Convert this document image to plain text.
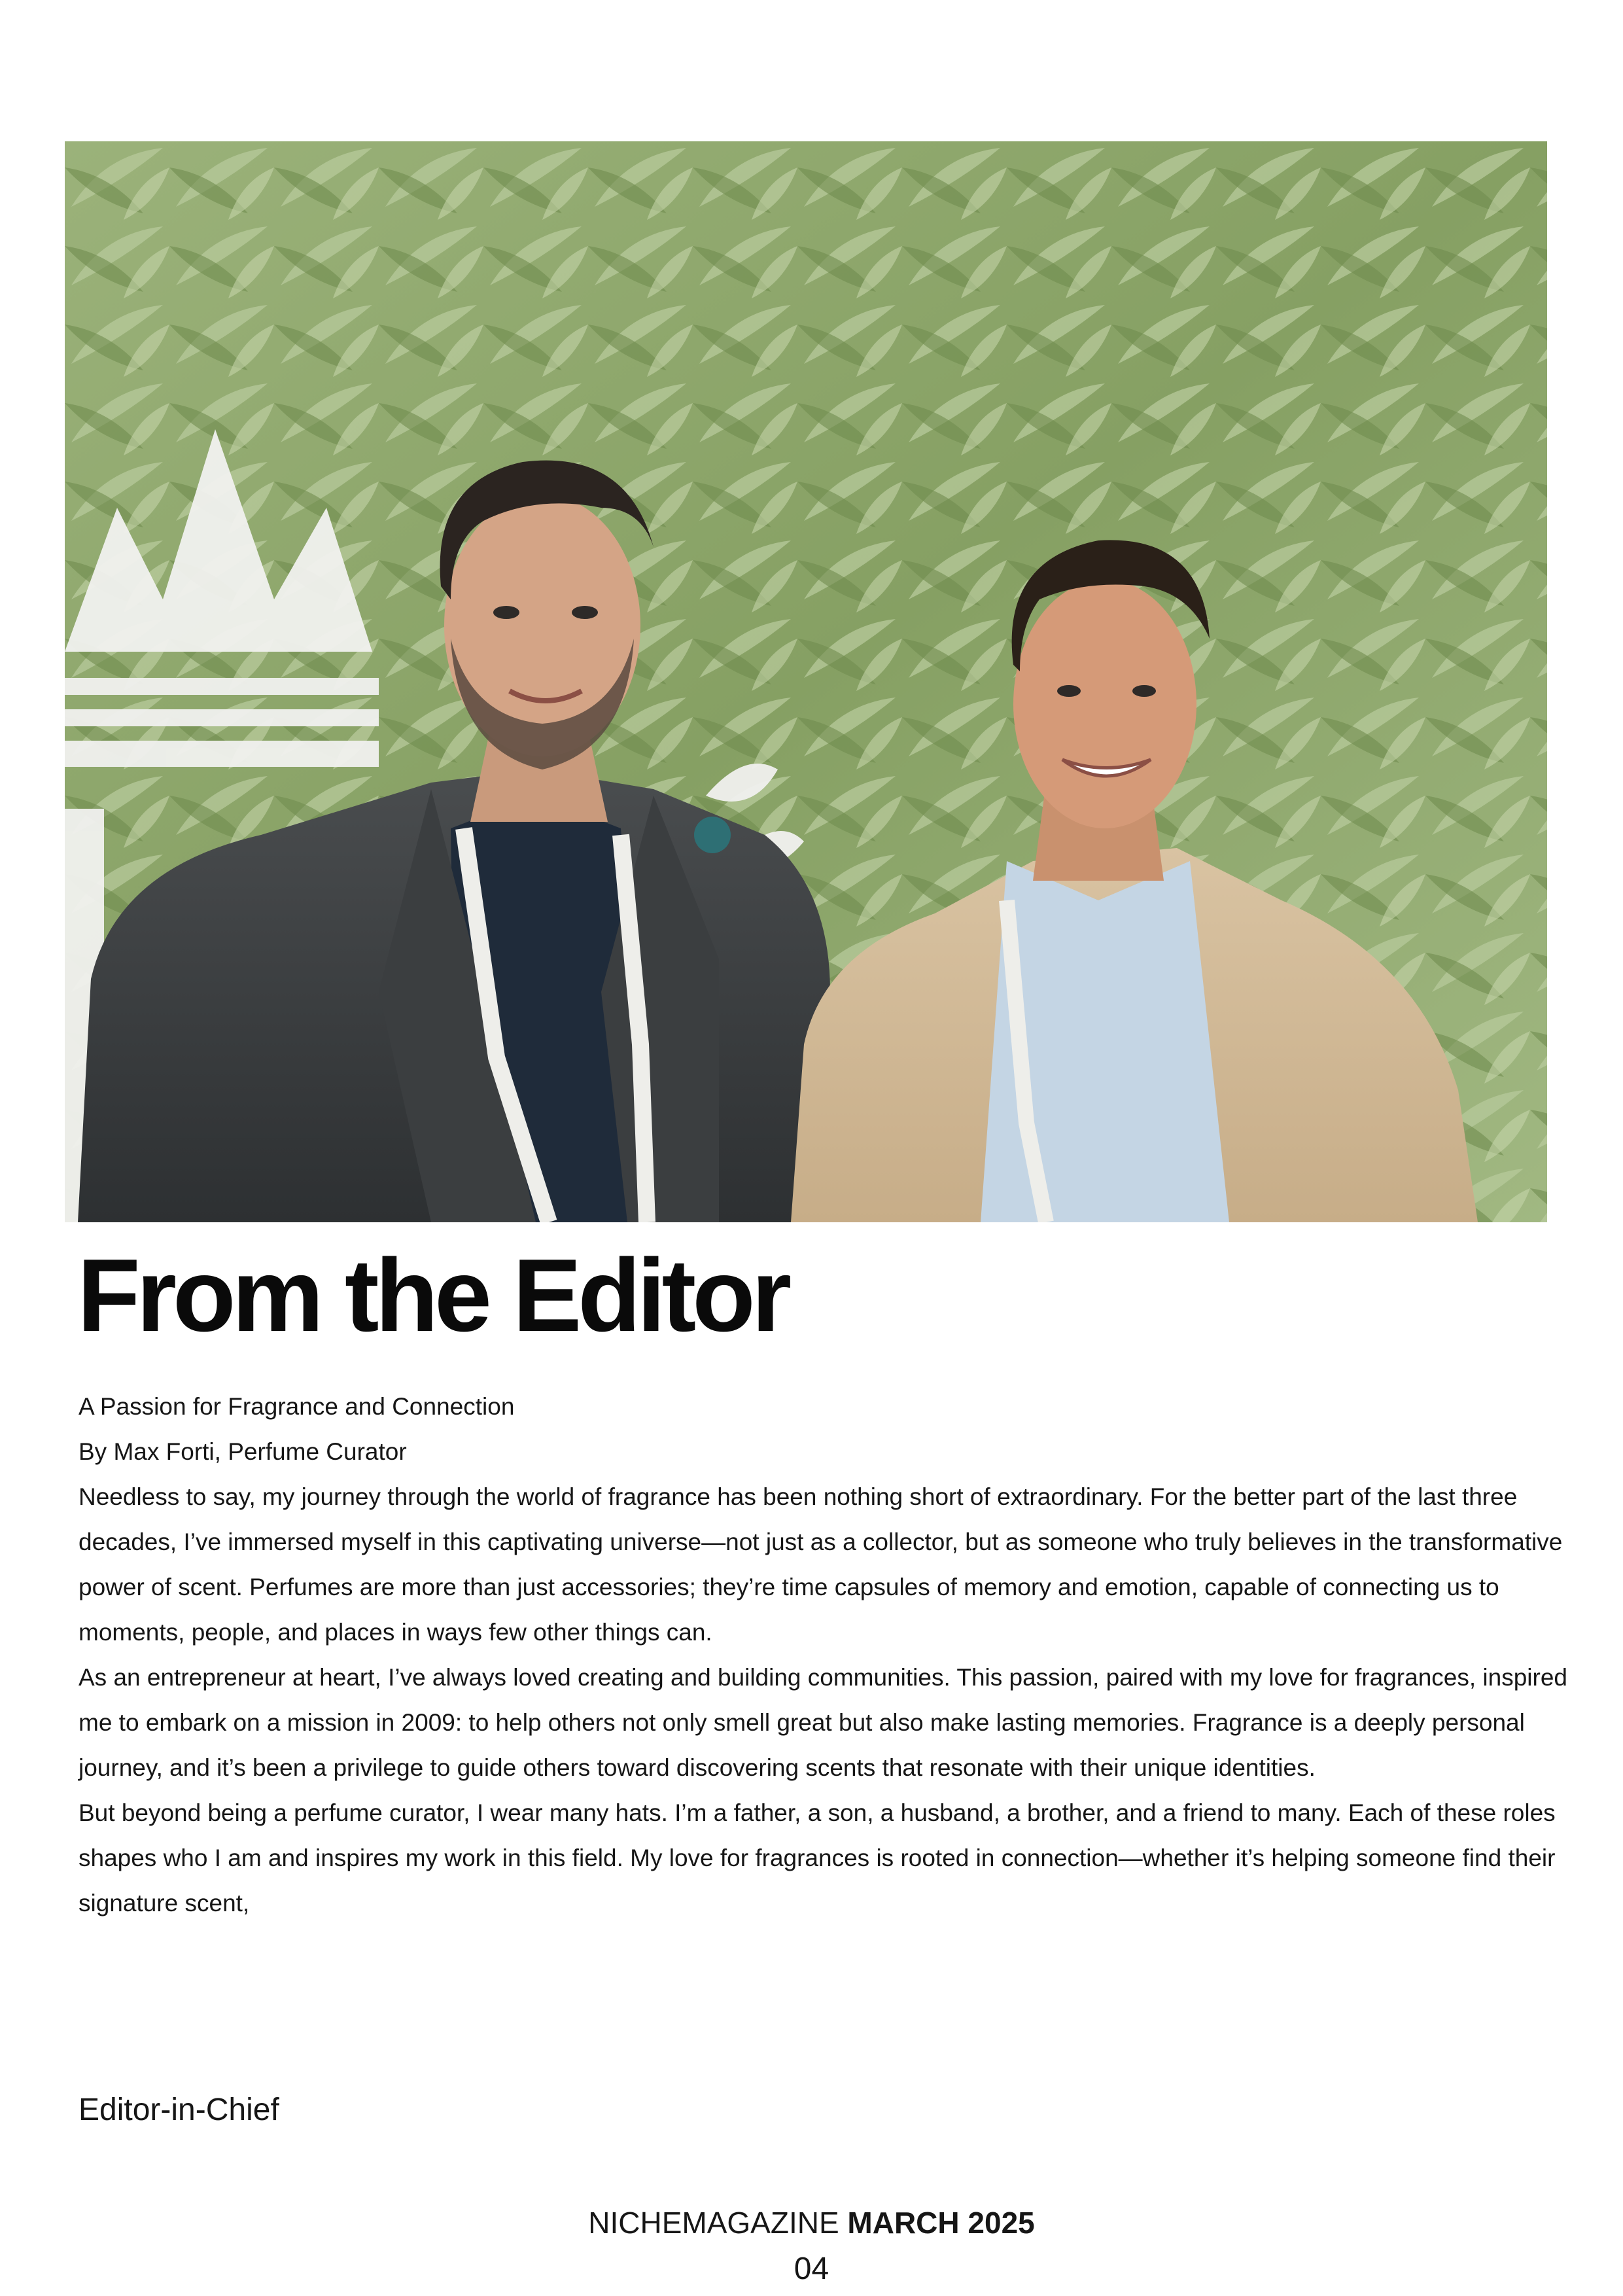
From the Editor

A Passion for Fragrance and Connection

By Max Forti, Perfume Curator

Needless to say, my journey through the world of fragrance has been nothing short of extraordinary. For the better part of the last three decades, I’ve immersed myself in this captivating universe—not just as a collector, but as someone who truly believes in the transformative power of scent. Perfumes are more than just accessories; they’re time capsules of memory and emotion, capable of connecting us to moments, people, and places in ways few other things can.

As an entrepreneur at heart, I’ve always loved creating and building communities. This passion, paired with my love for fragrances, inspired me to embark on a mission in 2009: to help others not only smell great but also make lasting memories. Fragrance is a deeply personal journey, and it’s been a privilege to guide others toward discovering scents that resonate with their unique identities.

But beyond being a perfume curator, I wear many hats. I’m a father, a son, a husband, a brother, and a friend to many. Each of these roles shapes who I am and inspires my work in this field. My love for fragrances is rooted in connection—whether it’s helping someone find their signature scent,

Editor-in-Chief

NICHEMAGAZINE MARCH 2025
04
